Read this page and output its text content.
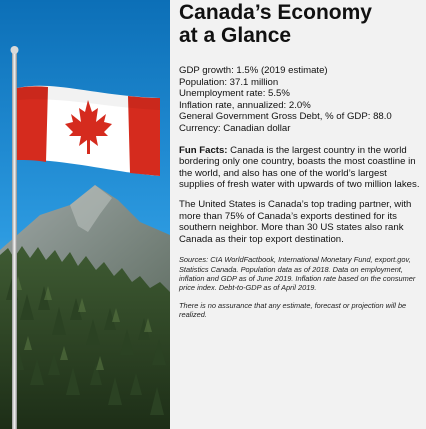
Canada’s Economy
at a Glance
GDP growth: 1.5% (2019 estimate)
Population: 37.1 million
Unemployment rate: 5.5%
Inflation rate, annualized: 2.0%
General Government Gross Debt, % of GDP: 88.0
Currency: Canadian dollar
Fun Facts: Canada is the largest country in the world bordering only one country, boasts the most coastline in the world, and also has one of the world’s largest supplies of fresh water with upwards of two million lakes.
The United States is Canada’s top trading partner, with more than 75% of Canada’s exports destined for its southern neighbor. More than 30 US states also rank Canada as their top export destination.
Sources: CIA WorldFactbook, International Monetary Fund, export.gov, Statistics Canada. Population data as of 2018. Data on employment, inflation and GDP as of June 2019. Inflation rate based on the consumer price index. Debt-to-GDP as of April 2019.
There is no assurance that any estimate, forecast or projection will be realized.
